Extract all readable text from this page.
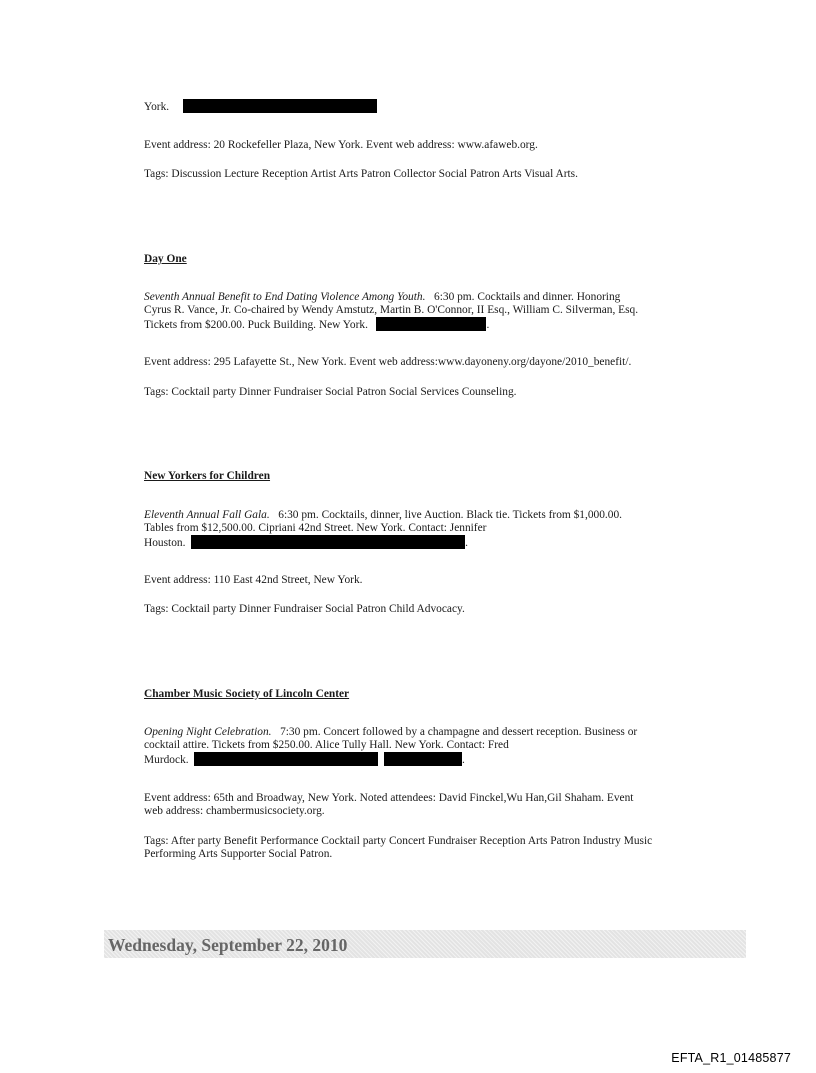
York.

Event address: 20 Rockefeller Plaza, New York. Event web address: www.afaweb.org.

Tags: Discussion Lecture Reception Artist Arts Patron Collector Social Patron Arts Visual Arts.

Day One

Seventh Annual Benefit to End Dating Violence Among Youth. 6:30 pm. Cocktails and dinner. Honoring
Cyrus R. Vance, Jr. Co-chaired by Wendy Amstutz, Martin B. O'Connor, II Esq., William C. Silverman, Esq.
Tickets from $200.00. Puck Building. New York.	.

Event address: 295 Lafayette St., New York. Event web address:www.dayoneny.org/dayone/2010_benefit/.

Tags: Cocktail party Dinner Fundraiser Social Patron Social Services Counseling.

New Yorkers for Children

Eleventh Annual Fall Gala. 6:30 pm. Cocktails, dinner, live Auction. Black tie. Tickets from $1,000.00.
Tables from $12,500.00. Cipriani 42nd Street. New York. Contact: Jennifer
Houston.	.

Event address: 110 East 42nd Street, New York.

Tags: Cocktail party Dinner Fundraiser Social Patron Child Advocacy.

Chamber Music Society of Lincoln Center

Opening Night Celebration. 7:30 pm. Concert followed by a champagne and dessert reception. Business or
cocktail attire. Tickets from $250.00. Alice Tully Hall. New York. Contact: Fred
Murdock.	.
Event address: 65th and Broadway, New York. Noted attendees: David Finckel,Wu Han,Gil Shaham. Event
web address: chambermusicsociety.org.
Tags: After party Benefit Performance Cocktail party Concert Fundraiser Reception Arts Patron Industry Music
Performing Arts Supporter Social Patron.
Wednesday, September 22, 2010
EFTA_R1_01485877
